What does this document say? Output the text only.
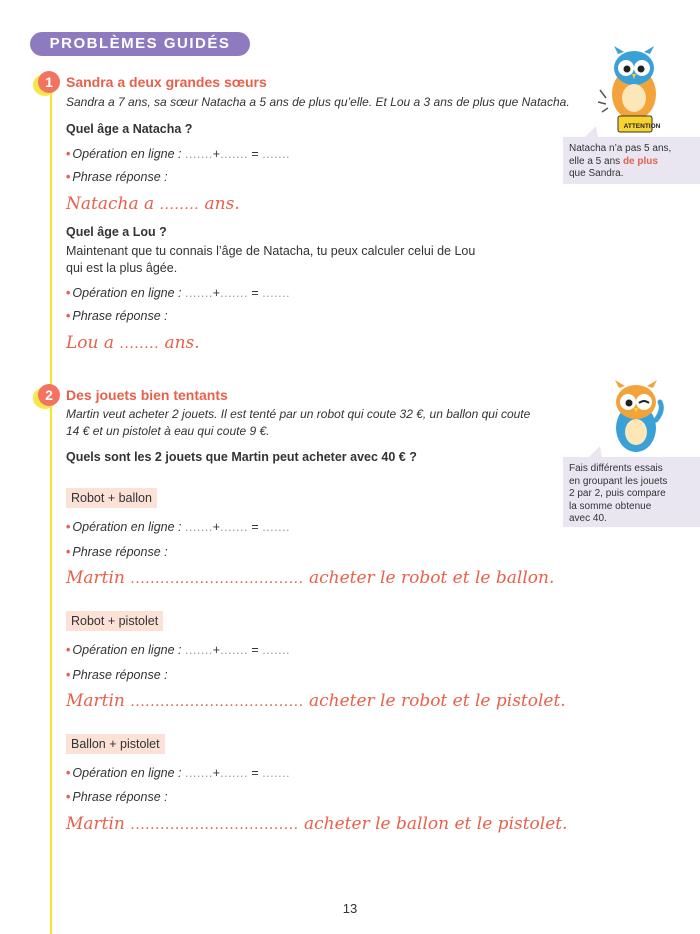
PROBLÈMES GUIDÉS
1 Sandra a deux grandes sœurs
Sandra a 7 ans, sa sœur Natacha a 5 ans de plus qu’elle. Et Lou a 3 ans de plus que Natacha.
Quel âge a Natacha ?
• Opération en ligne : .......+....... = .......
• Phrase réponse :
Natacha a ........ ans.
Quel âge a Lou ?
Maintenant que tu connais l’âge de Natacha, tu peux calculer celui de Lou
qui est la plus âgée.
• Opération en ligne : .......+....... = .......
• Phrase réponse :
Lou a ........ ans.
ATTENTION
Natacha n’a pas 5 ans,
elle a 5 ans de plus
que Sandra.
2 Des jouets bien tentants
Martin veut acheter 2 jouets. Il est tenté par un robot qui coute 32 €, un ballon qui coute
14 € et un pistolet à eau qui coute 9 €.
Quels sont les 2 jouets que Martin peut acheter avec 40 € ?
Robot + ballon
• Opération en ligne : .......+....... = .......
• Phrase réponse :
Martin ................................... acheter le robot et le ballon.
Robot + pistolet
• Opération en ligne : .......+....... = .......
• Phrase réponse :
Martin ................................... acheter le robot et le pistolet.
Ballon + pistolet
• Opération en ligne : .......+....... = .......
• Phrase réponse :
Martin .................................. acheter le ballon et le pistolet.
Fais différents essais
en groupant les jouets
2 par 2, puis compare
la somme obtenue
avec 40.
13
